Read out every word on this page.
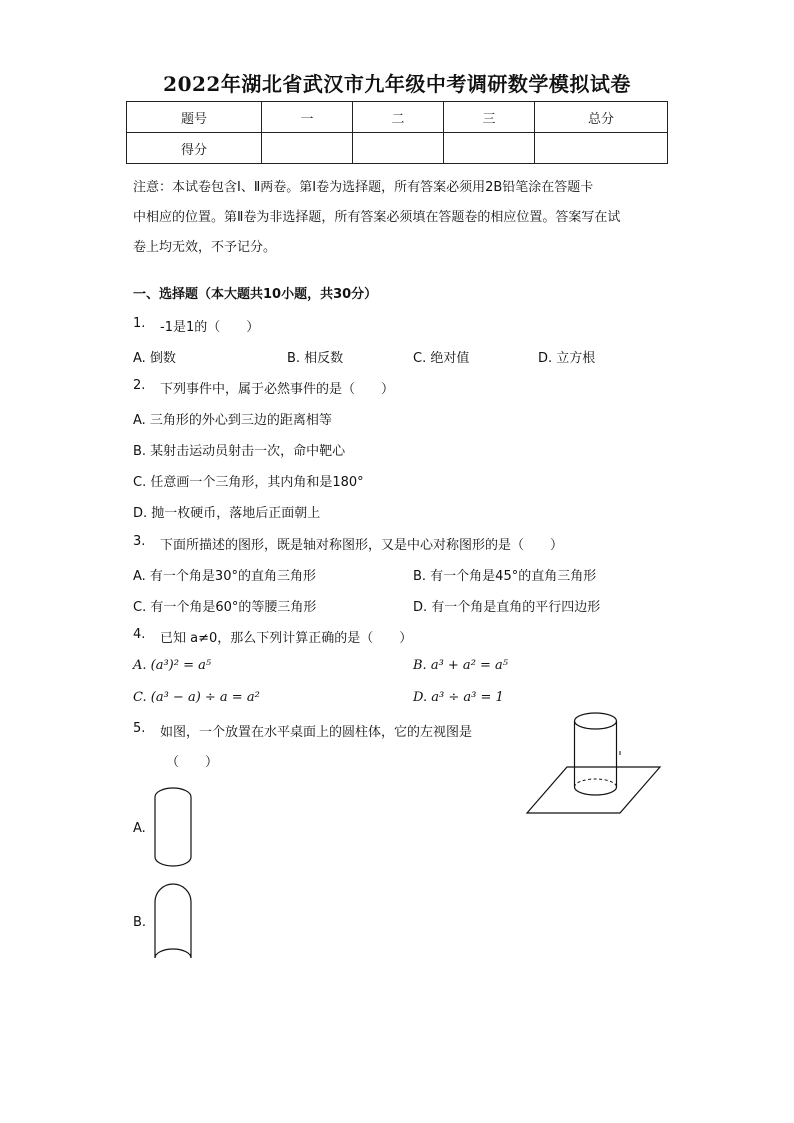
2022年湖北省武汉市九年级中考调研数学模拟试卷
题号	一	二	三	总分
得分				
注意：本试卷包含Ⅰ、Ⅱ两卷。第Ⅰ卷为选择题，所有答案必须用2B铅笔涂在答题卡
中相应的位置。第Ⅱ卷为非选择题，所有答案必须填在答题卷的相应位置。答案写在试
卷上均无效，不予记分。
一、选择题（本大题共10小题，共30分）
1. -1是1的（　　）
A. 倒数	B. 相反数	C. 绝对值	D. 立方根
2. 下列事件中，属于必然事件的是（　　）
A. 三角形的外心到三边的距离相等
B. 某射击运动员射击一次，命中靶心
C. 任意画一个三角形，其内角和是180°
D. 抛一枚硬币，落地后正面朝上
3. 下面所描述的图形，既是轴对称图形，又是中心对称图形的是（　　）
A. 有一个角是30°的直角三角形	B. 有一个角是45°的直角三角形
C. 有一个角是60°的等腰三角形	D. 有一个角是直角的平行四边形
4. 已知 a≠0，那么下列计算正确的是（　　）
A. (a³)² = a⁵	B. a³ + a² = a⁵
C. (a³ − a) ÷ a = a²	D. a³ ÷ a³ = 1
5. 如图，一个放置在水平桌面上的圆柱体，它的左视图是
（　　）
A.
B.
